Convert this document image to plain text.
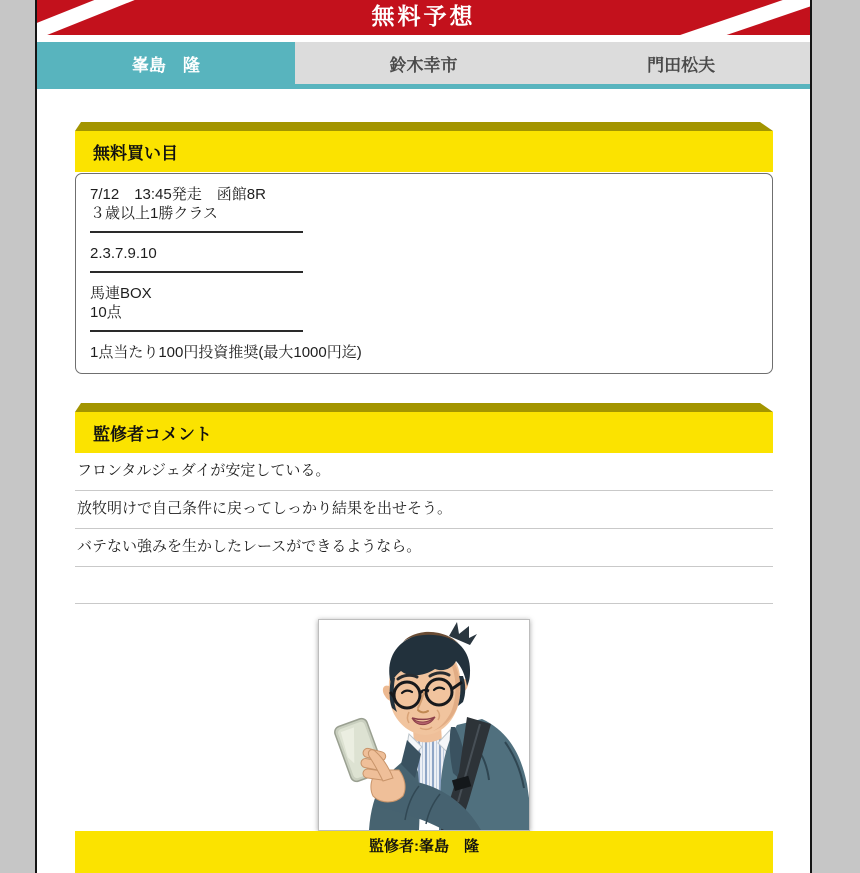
無料予想
峯島　隆	鈴木幸市	門田松夫
無料買い目
7/12　13:45発走　函館8R
３歳以上1勝クラス
2.3.7.9.10
馬連BOX
10点
1点当たり100円投資推奨(最大1000円迄)
監修者コメント
フロンタルジェダイが安定している。
放牧明けで自己条件に戻ってしっかり結果を出せそう。
バテない強みを生かしたレースができるようなら。
監修者:峯島　隆
